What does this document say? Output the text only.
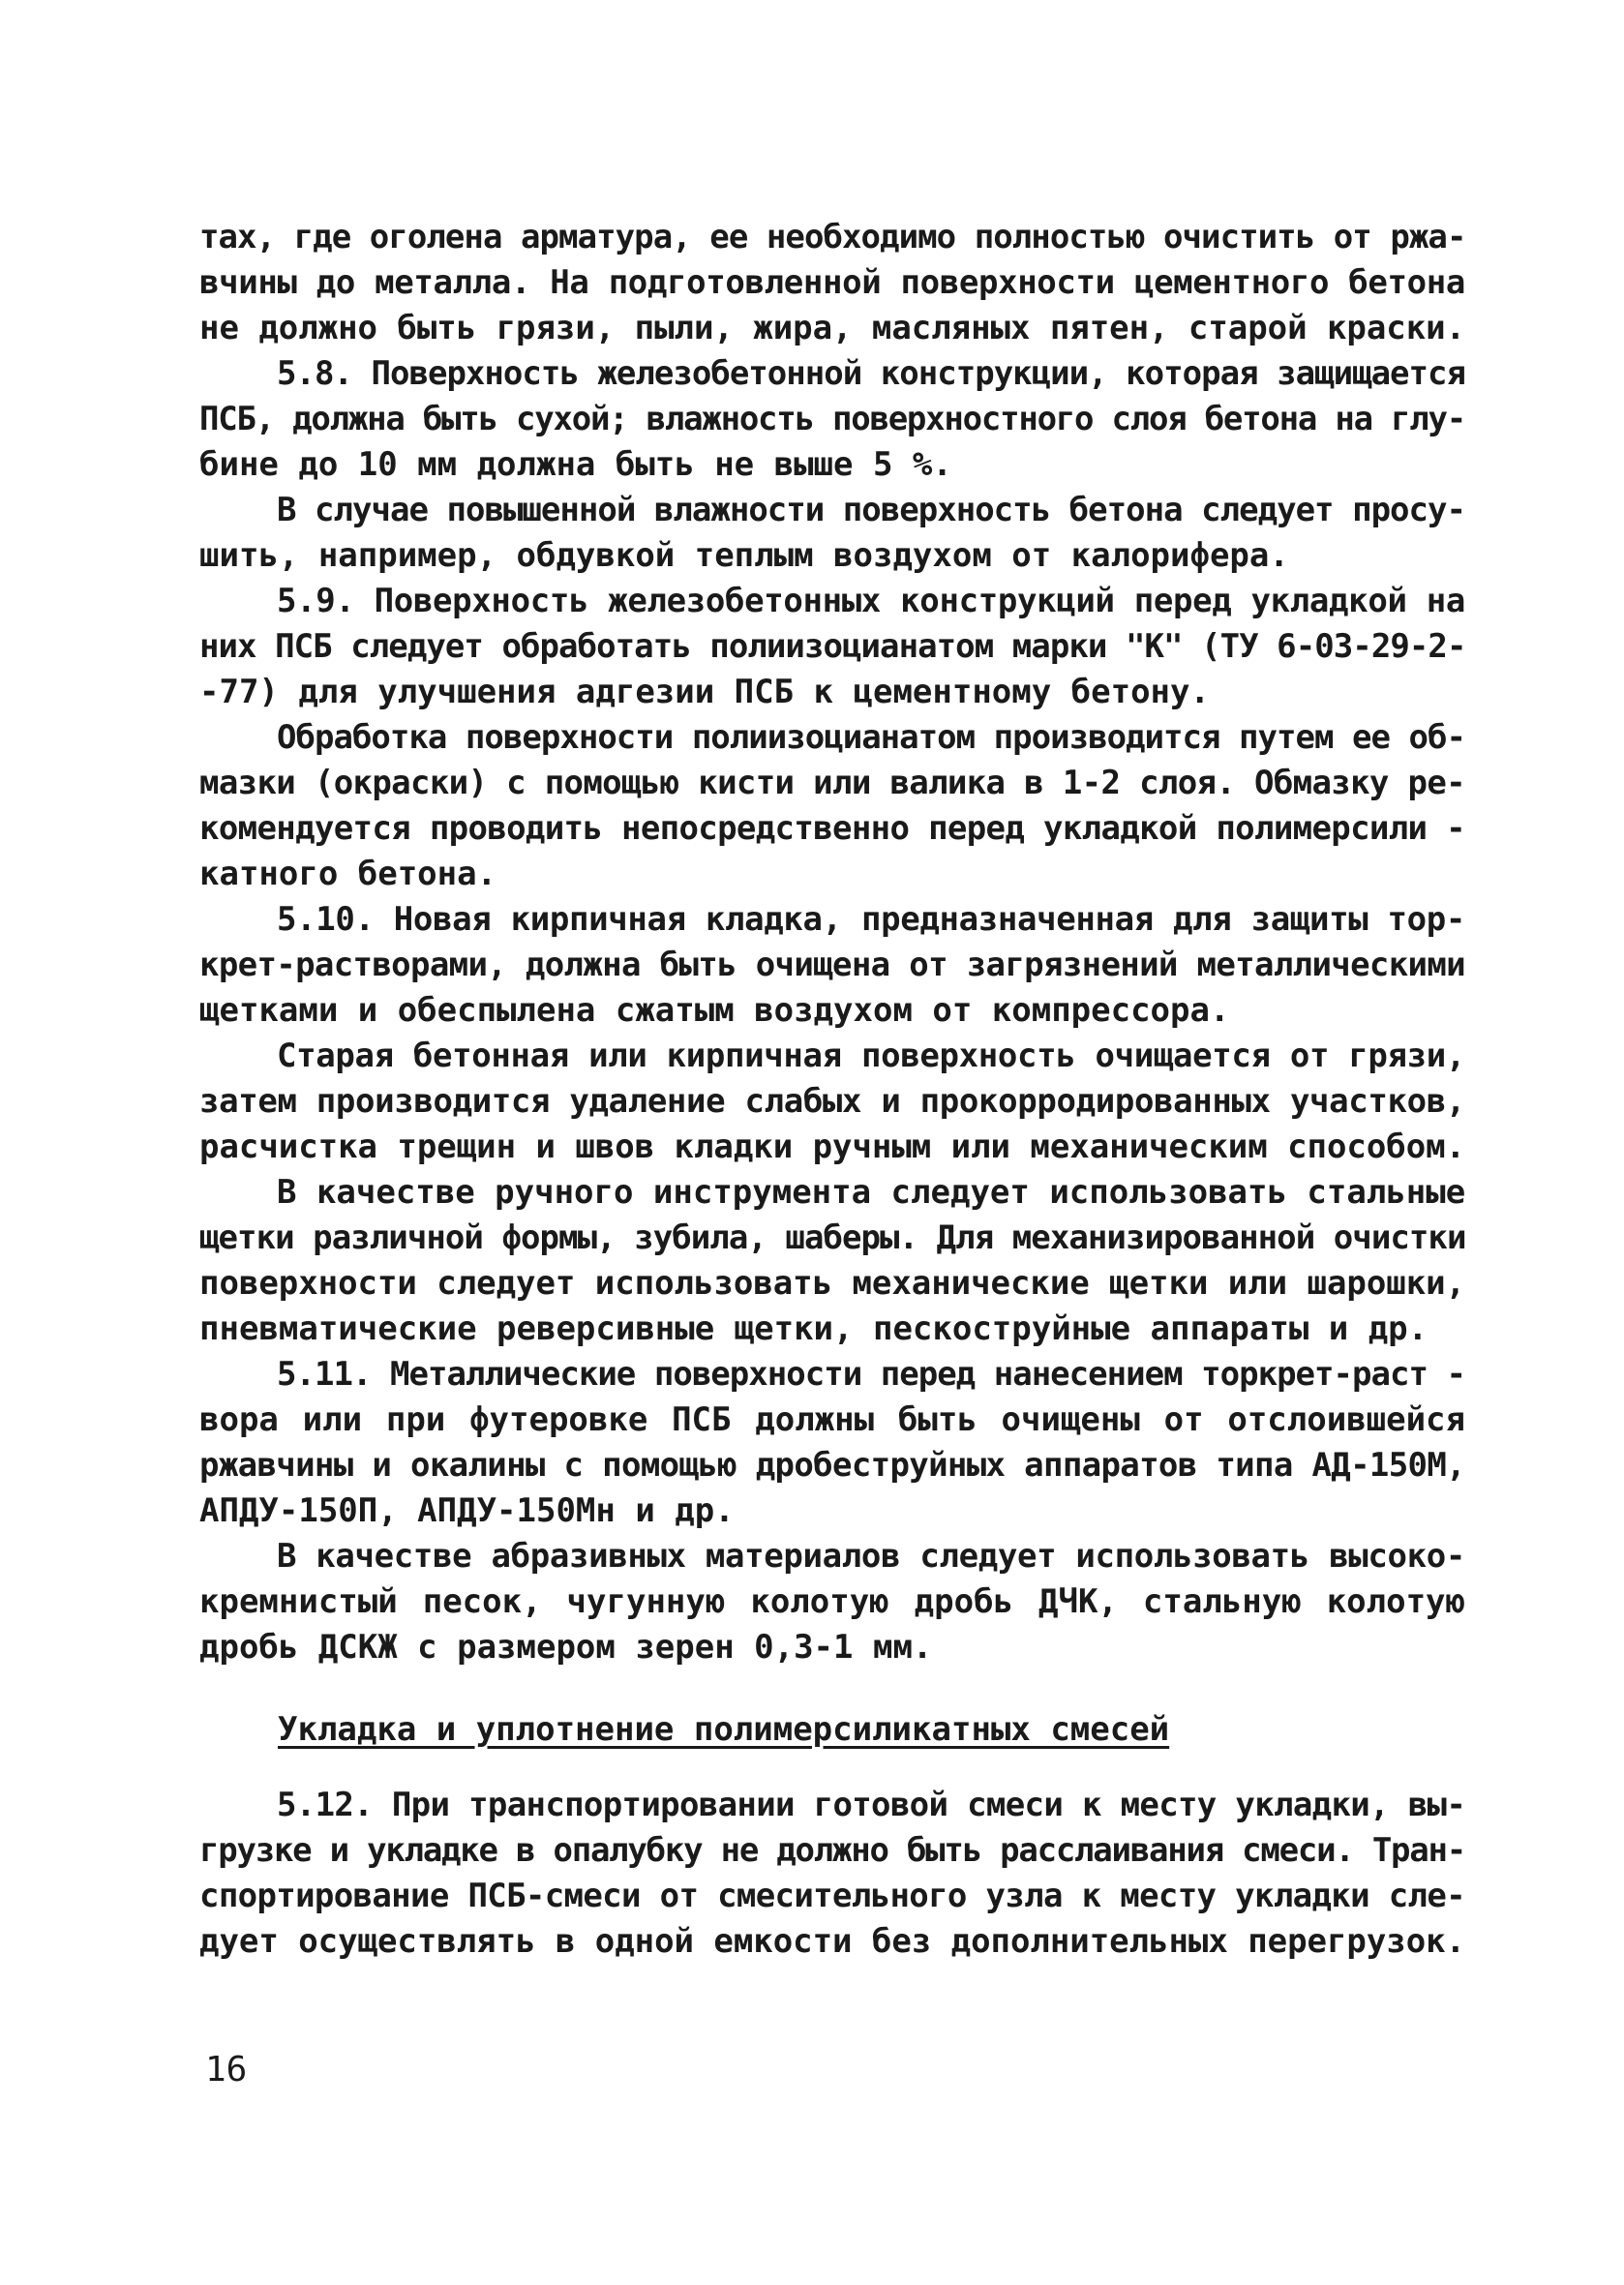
тах, где оголена арматура, ее необходимо полностью очистить от ржа-
вчины до металла. На подготовленной поверхности цементного бетона
не должно быть грязи, пыли, жира, масляных пятен, старой краски.
5.8. Поверхность железобетонной конструкции, которая защищается
ПСБ, должна быть сухой; влажность поверхностного слоя бетона на глу-
бине до 10 мм должна быть не выше 5 %.
В случае повышенной влажности поверхность бетона следует просу-
шить, например, обдувкой теплым воздухом от калорифера.
5.9. Поверхность железобетонных конструкций перед укладкой на
них ПСБ следует обработать полиизоцианатом марки "К" (ТУ 6-03-29-2-
-77) для улучшения адгезии ПСБ к цементному бетону.
Обработка поверхности полиизоцианатом производится путем ее об-
мазки (окраски) с помощью кисти или валика в 1-2 слоя. Обмазку ре-
комендуется проводить непосредственно перед укладкой полимерсили -
катного бетона.
5.10. Новая кирпичная кладка, предназначенная для защиты тор-
крет-растворами, должна быть очищена от загрязнений металлическими
щетками и обеспылена сжатым воздухом от компрессора.
Старая бетонная или кирпичная поверхность очищается от грязи,
затем производится удаление слабых и прокорродированных участков,
расчистка трещин и швов кладки ручным или механическим способом.
В качестве ручного инструмента следует использовать стальные
щетки различной формы, зубила, шаберы. Для механизированной очистки
поверхности следует использовать механические щетки или шарошки,
пневматические реверсивные щетки, пескоструйные аппараты и др.
5.11. Металлические поверхности перед нанесением торкрет-раст -
вора или при футеровке ПСБ должны быть очищены от отслоившейся
ржавчины и окалины с помощью дробеструйных аппаратов типа АД-150М,
АПДУ-150П, АПДУ-150Мн и др.
В качестве абразивных материалов следует использовать высоко-
кремнистый песок, чугунную колотую дробь ДЧК, стальную колотую
дробь ДСКЖ с размером зерен 0,3-1 мм.
Укладка и уплотнение полимерсиликатных смесей
5.12. При транспортировании готовой смеси к месту укладки, вы-
грузке и укладке в опалубку не должно быть расслаивания смеси. Тран-
спортирование ПСБ-смеси от смесительного узла к месту укладки сле-
дует осуществлять в одной емкости без дополнительных перегрузок.
16
